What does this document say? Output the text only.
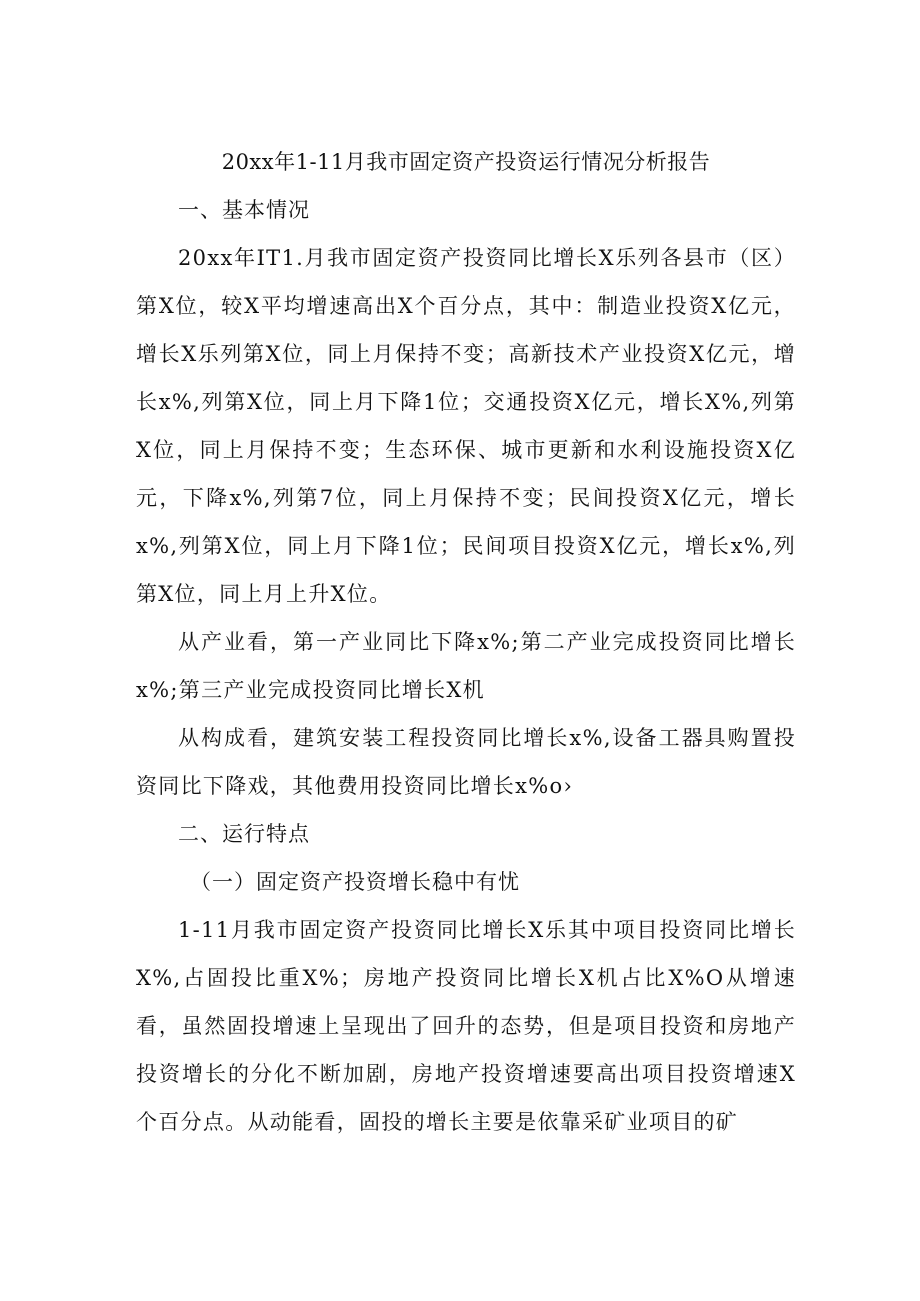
20xx年1-11月我市固定资产投资运行情况分析报告

一、基本情况

20xx年IT1.月我市固定资产投资同比增长X乐列各县市（区）第X位，较X平均增速高出X个百分点，其中：制造业投资X亿元，增长X乐列第X位，同上月保持不变；高新技术产业投资X亿元，增长x%,列第X位，同上月下降1位；交通投资X亿元，增长X%,列第X位，同上月保持不变；生态环保、城市更新和水利设施投资X亿元，下降x%,列第7位，同上月保持不变；民间投资X亿元，增长x%,列第X位，同上月下降1位；民间项目投资X亿元，增长x%,列第X位，同上月上升X位。

从产业看，第一产业同比下降x%;第二产业完成投资同比增长x%;第三产业完成投资同比增长X机

从构成看，建筑安装工程投资同比增长x%,设备工器具购置投资同比下降戏，其他费用投资同比增长x%o›

二、运行特点

（一）固定资产投资增长稳中有忧

1-11月我市固定资产投资同比增长X乐其中项目投资同比增长X%,占固投比重X%；房地产投资同比增长X机占比X%O从增速看，虽然固投增速上呈现出了回升的态势，但是项目投资和房地产投资增长的分化不断加剧，房地产投资增速要高出项目投资增速X个百分点。从动能看，固投的增长主要是依靠采矿业项目的矿
